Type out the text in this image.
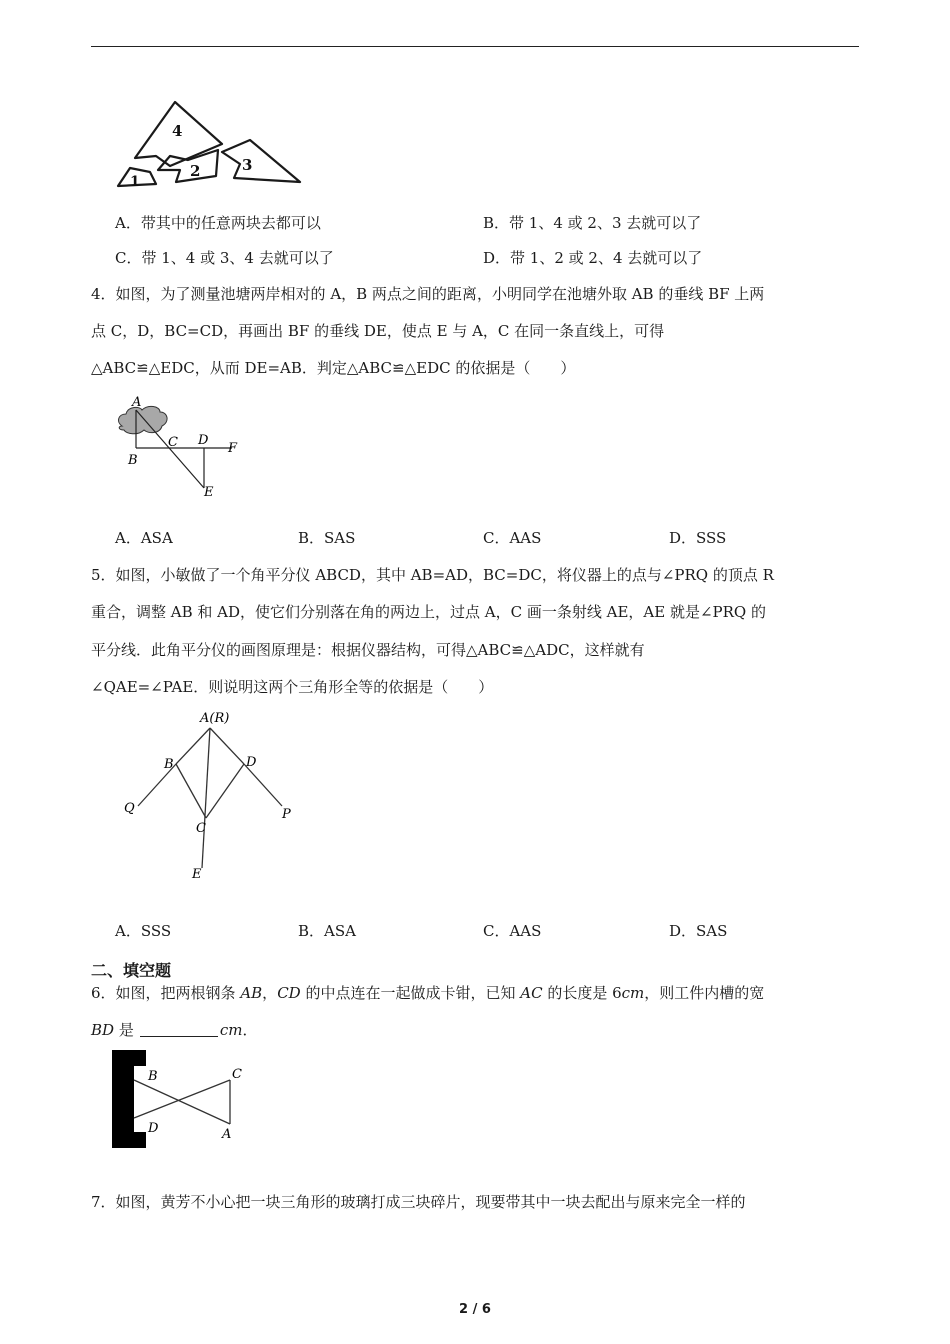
4
2	3
1
A．带其中的任意两块去都可以	B．带 1、4 或 2、3 去就可以了
C．带 1、4 或 3、4 去就可以了	D．带 1、2 或 2、4 去就可以了
4．如图，为了测量池塘两岸相对的 A，B 两点之间的距离，小明同学在池塘外取 AB 的垂线 BF 上两
点 C，D，BC=CD，再画出 BF 的垂线 DE，使点 E 与 A，C 在同一条直线上，可得
△ABC≌△EDC，从而 DE=AB．判定△ABC≌△EDC 的依据是（　　）
A
B
C D
F
E
A．ASA	B．SAS	C．AAS	D．SSS
5．如图，小敏做了一个角平分仪 ABCD，其中 AB=AD，BC=DC，将仪器上的点与∠PRQ 的顶点 R
重合，调整 AB 和 AD，使它们分别落在角的两边上，过点 A，C 画一条射线 AE，AE 就是∠PRQ 的
平分线．此角平分仪的画图原理是：根据仪器结构，可得△ABC≌△ADC，这样就有
∠QAE=∠PAE．则说明这两个三角形全等的依据是（　　）
A(R)
B	D
Q
C
P
E
A．SSS	B．ASA	C．AAS	D．SAS
二、填空题
6．如图，把两根钢条 AB，CD 的中点连在一起做成卡钳，已知 AC 的长度是 6cm，则工件内槽的宽
BD 是	cm．
B	C
D	A
7．如图，黄芳不小心把一块三角形的玻璃打成三块碎片，现要带其中一块去配出与原来完全一样的
2 / 6
